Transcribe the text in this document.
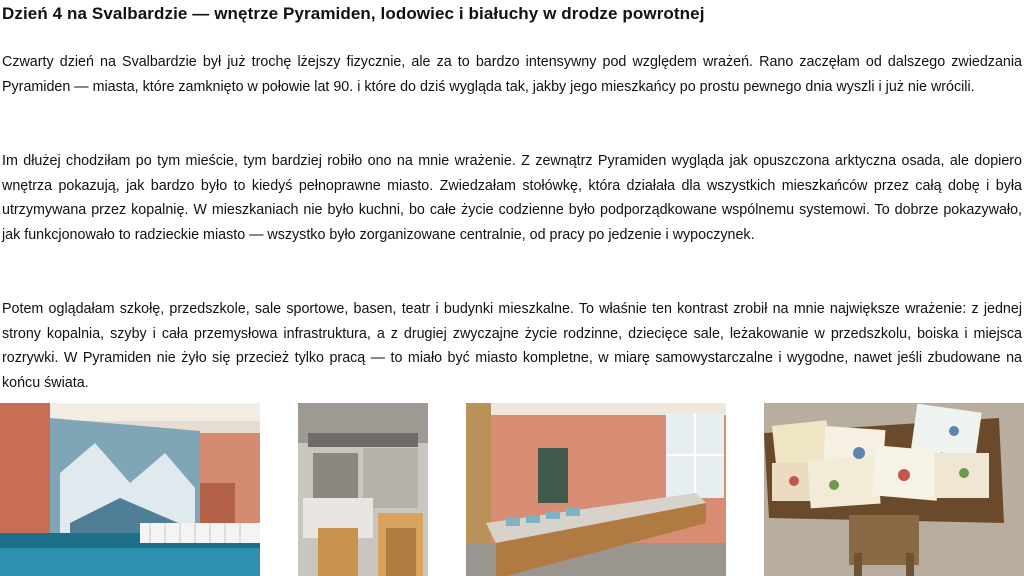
Dzień 4 na Svalbardzie — wnętrze Pyramiden, lodowiec i białuchy w drodze powrotnej

Czwarty dzień na Svalbardzie był już trochę lżejszy fizycznie, ale za to bardzo intensywny pod względem wrażeń. Rano zaczęłam od dalszego zwiedzania Pyramiden — miasta, które zamknięto w połowie lat 90. i które do dziś wygląda tak, jakby jego mieszkańcy po prostu pewnego dnia wyszli i już nie wrócili.

Im dłużej chodziłam po tym mieście, tym bardziej robiło ono na mnie wrażenie. Z zewnątrz Pyramiden wygląda jak opuszczona arktyczna osada, ale dopiero wnętrza pokazują, jak bardzo było to kiedyś pełnoprawne miasto. Zwiedzałam stołówkę, która działała dla wszystkich mieszkańców przez całą dobę i była utrzymywana przez kopalnię. W mieszkaniach nie było kuchni, bo całe życie codzienne było podporządkowane wspólnemu systemowi. To dobrze pokazywało, jak funkcjonowało to radzieckie miasto — wszystko było zorganizowane centralnie, od pracy po jedzenie i wypoczynek.

Potem oglądałam szkołę, przedszkole, sale sportowe, basen, teatr i budynki mieszkalne. To właśnie ten kontrast zrobił na mnie największe wrażenie: z jednej strony kopalnia, szyby i cała przemysłowa infrastruktura, a z drugiej zwyczajne życie rodzinne, dziecięce sale, leżakowanie w przedszkolu, boiska i miejsca rozrywki. W Pyramiden nie żyło się przecież tylko pracą — to miało być miasto kompletne, w miarę samowystarczalne i wygodne, nawet jeśli zbudowane na końcu świata.
